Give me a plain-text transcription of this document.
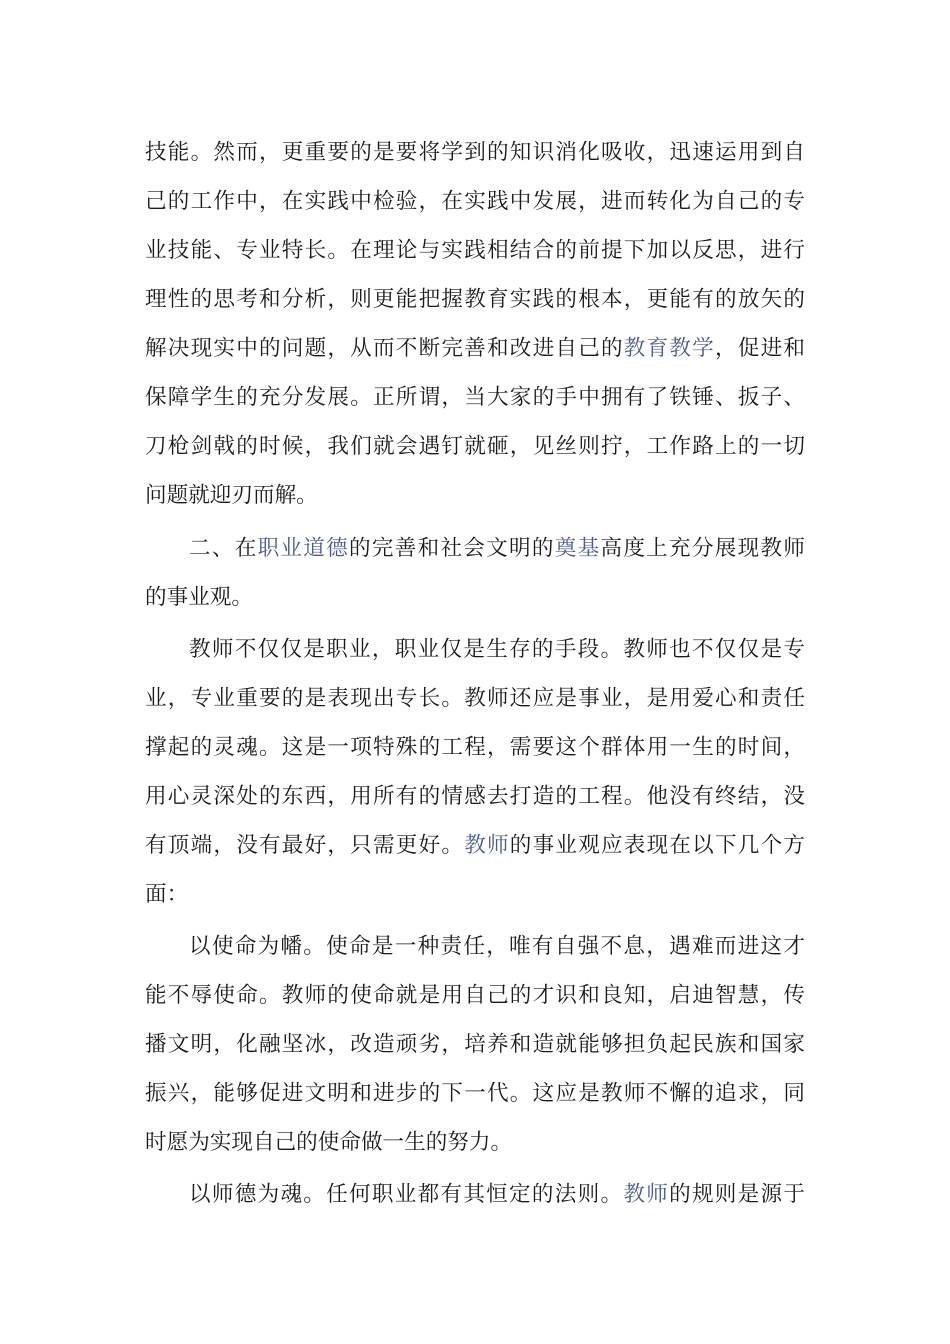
技能。然而，更重要的是要将学到的知识消化吸收，迅速运用到自
己的工作中，在实践中检验，在实践中发展，进而转化为自己的专
业技能、专业特长。在理论与实践相结合的前提下加以反思，进行
理性的思考和分析，则更能把握教育实践的根本，更能有的放矢的
解决现实中的问题，从而不断完善和改进自己的教育教学，促进和
保障学生的充分发展。正所谓，当大家的手中拥有了铁锤、扳子、
刀枪剑戟的时候，我们就会遇钉就砸，见丝则拧，工作路上的一切
问题就迎刃而解。
二、在职业道德的完善和社会文明的奠基高度上充分展现教师
的事业观。
教师不仅仅是职业，职业仅是生存的手段。教师也不仅仅是专
业，专业重要的是表现出专长。教师还应是事业，是用爱心和责任
撑起的灵魂。这是一项特殊的工程，需要这个群体用一生的时间，
用心灵深处的东西，用所有的情感去打造的工程。他没有终结，没
有顶端，没有最好，只需更好。教师的事业观应表现在以下几个方
面：
以使命为幡。使命是一种责任，唯有自强不息，遇难而进这才
能不辱使命。教师的使命就是用自己的才识和良知，启迪智慧，传
播文明，化融坚冰，改造顽劣，培养和造就能够担负起民族和国家
振兴，能够促进文明和进步的下一代。这应是教师不懈的追求，同
时愿为实现自己的使命做一生的努力。
以师德为魂。任何职业都有其恒定的法则。教师的规则是源于
